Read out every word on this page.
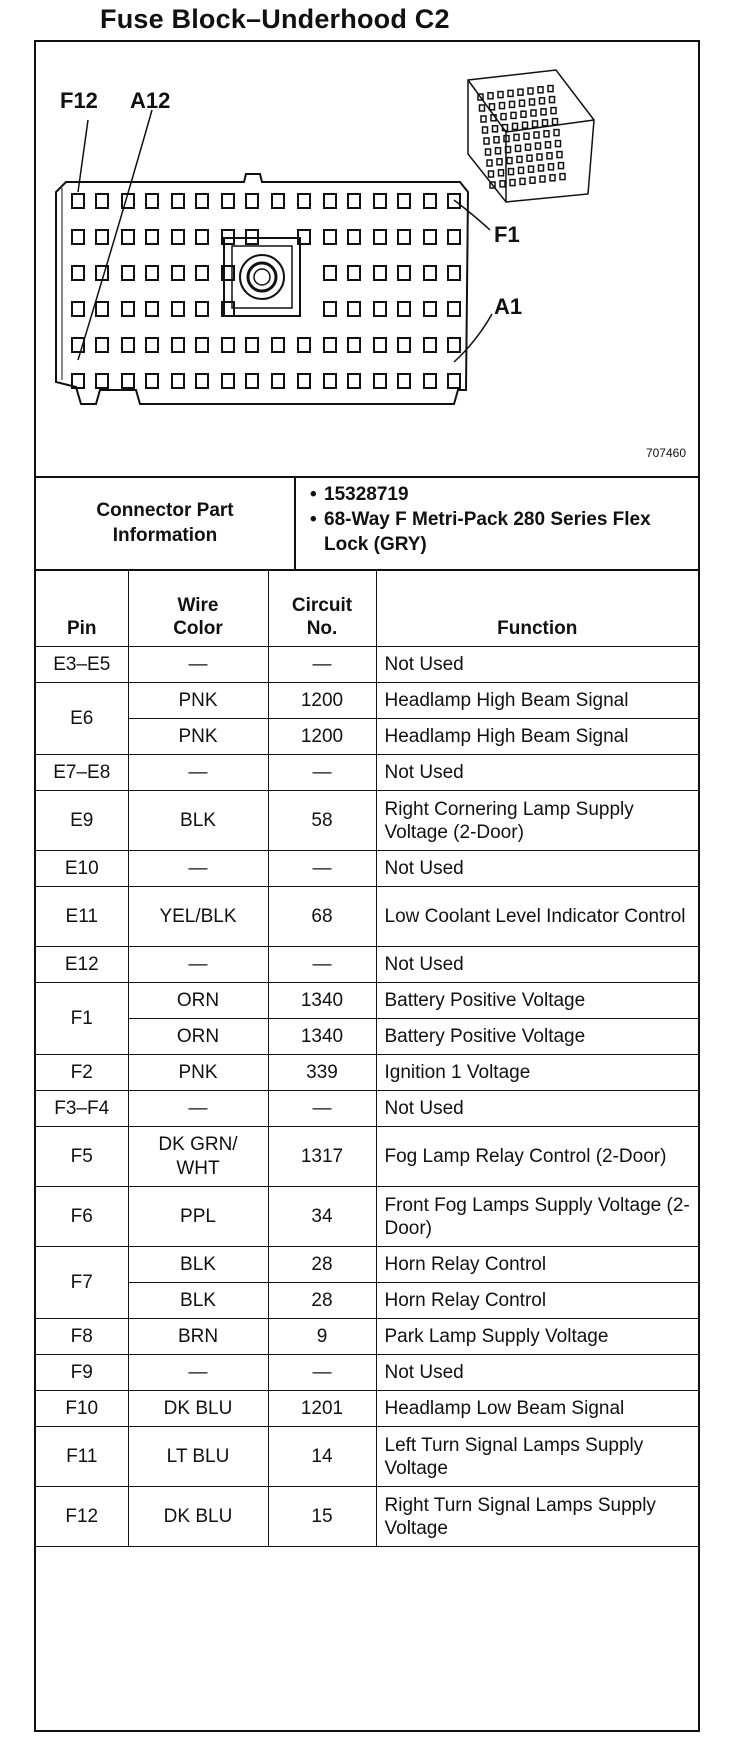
Fuse Block–Underhood C2
F12 A12
F1
A1
707460
Connector Part Information
• 15328719
• 68-Way F Metri-Pack 280 Series Flex Lock (GRY)
Pin	Wire Color	Circuit No.	Function
E3–E5	—	—	Not Used
E6	PNK	1200	Headlamp High Beam Signal
	PNK	1200	Headlamp High Beam Signal
E7–E8	—	—	Not Used
E9	BLK	58	Right Cornering Lamp Supply Voltage (2-Door)
E10	—	—	Not Used
E11	YEL/BLK	68	Low Coolant Level Indicator Control
E12	—	—	Not Used
F1	ORN	1340	Battery Positive Voltage
	ORN	1340	Battery Positive Voltage
F2	PNK	339	Ignition 1 Voltage
F3–F4	—	—	Not Used
F5	DK GRN/ WHT	1317	Fog Lamp Relay Control (2-Door)
F6	PPL	34	Front Fog Lamps Supply Voltage (2-Door)
F7	BLK	28	Horn Relay Control
	BLK	28	Horn Relay Control
F8	BRN	9	Park Lamp Supply Voltage
F9	—	—	Not Used
F10	DK BLU	1201	Headlamp Low Beam Signal
F11	LT BLU	14	Left Turn Signal Lamps Supply Voltage
F12	DK BLU	15	Right Turn Signal Lamps Supply Voltage
